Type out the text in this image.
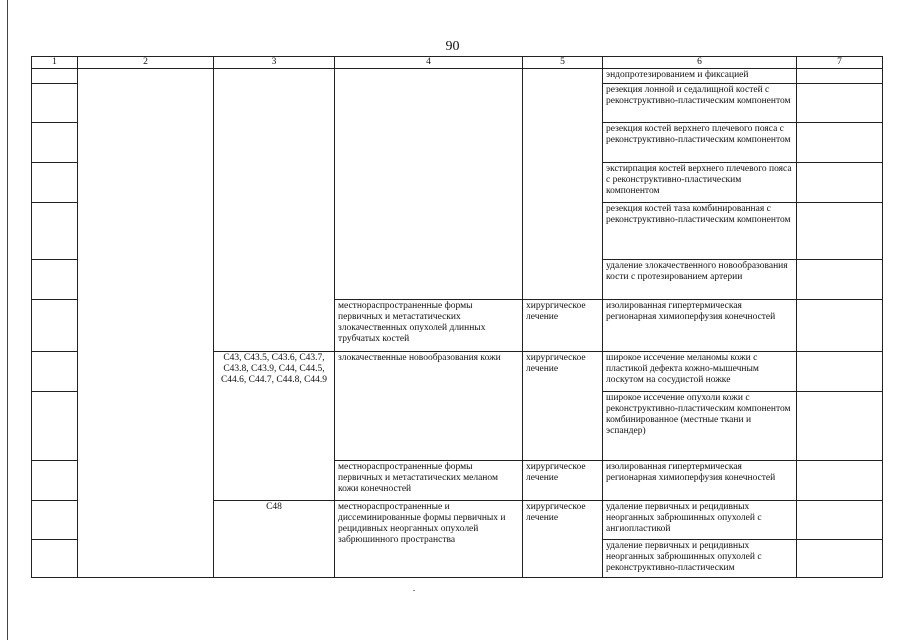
90
1	2	3	4	5	6	7
					эндопротезированием и фиксацией	
					резекция лонной и седалищной костей с реконструктивно-пластическим компонентом	
					резекция костей верхнего плечевого пояса с реконструктивно-пластическим компонентом	
					экстирпация костей верхнего плечевого пояса с реконструктивно-пластическим компонентом	
					резекция костей таза комбинированная с реконструктивно-пластическим компонентом	
					удаление злокачественного новообразования кости с протезированием артерии	
			местнораспространенные формы первичных и метастатических злокачественных опухолей длинных трубчатых костей	хирургическое лечение	изолированная гипертермическая регионарная химиоперфузия конечностей	
		C43, C43.5, C43.6, C43.7, C43.8, C43.9, C44, C44.5, C44.6, C44.7, C44.8, C44.9	злокачественные новообразования кожи	хирургическое лечение	широкое иссечение меланомы кожи с пластикой дефекта кожно-мышечным лоскутом на сосудистой ножке	
					широкое иссечение опухоли кожи с реконструктивно-пластическим компонентом комбинированное (местные ткани и эспандер)	
			местнораспространенные формы первичных и метастатических меланом кожи конечностей	хирургическое лечение	изолированная гипертермическая регионарная химиоперфузия конечностей	
		C48	местнораспространенные и диссеминированные формы первичных и рецидивных неорганных опухолей забрюшинного пространства	хирургическое лечение	удаление первичных и рецидивных неорганных забрюшинных опухолей с ангиопластикой	
					удаление первичных и рецидивных неорганных забрюшинных опухолей с реконструктивно-пластическим	
